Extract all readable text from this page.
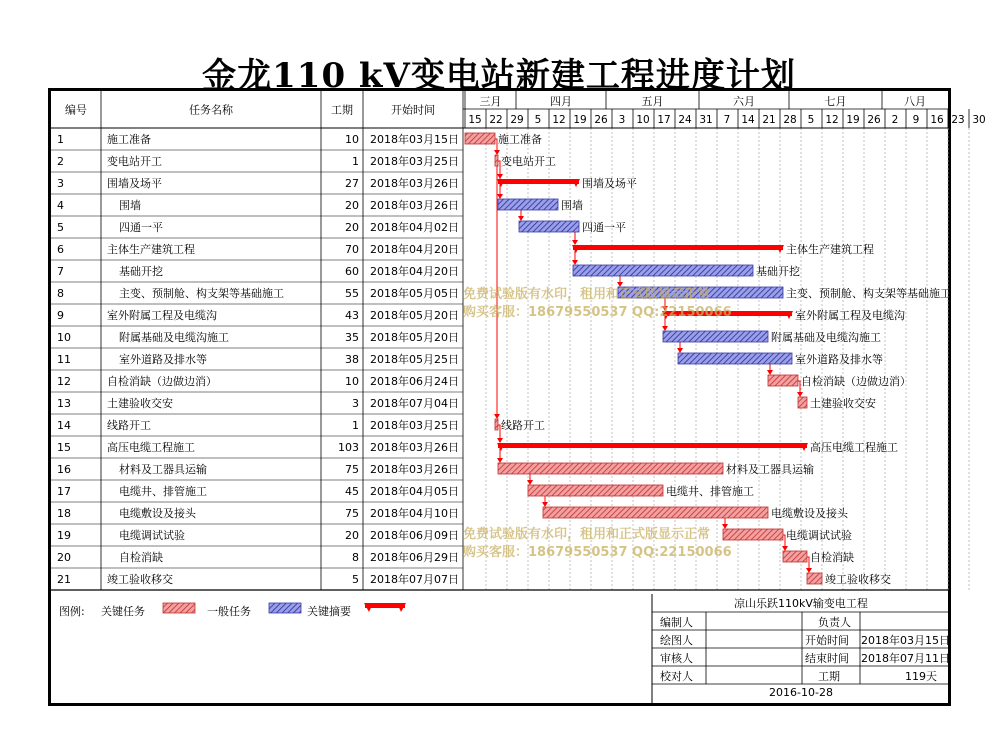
金龙110 kV变电站新建工程进度计划
编号	任务名称	工期	开始时间
三月	四月	五月	六月	七月	八月
15 22 29 5 12 19 26 3 10 17 24 31 7 14 21 28 5 12 19 26 2 9 16 23 30
1	施工准备	10 2018年03月15日
2	变电站开工	1 2018年03月25日
3	围墙及场平	27 2018年03月26日
4	围墙	20 2018年03月26日
5	四通一平	20 2018年04月02日
6	主体生产建筑工程	70 2018年04月20日
7	基础开挖	60 2018年04月20日
8	主变、预制舱、构支架等基础施工	55 2018年05月05日
9	室外附属工程及电缆沟	43 2018年05月20日
10	附属基础及电缆沟施工	35 2018年05月20日
11	室外道路及排水等	38 2018年05月25日
12	自检消缺（边做边消）	10 2018年06月24日
13	土建验收交安	3 2018年07月04日
14	线路开工	1 2018年03月25日
15	高压电缆工程施工	103 2018年03月26日
16	材料及工器具运输	75 2018年03月26日
17	电缆井、排管施工	45 2018年04月05日
18	电缆敷设及接头	75 2018年04月10日
19	电缆调试试验	20 2018年06月09日
20	自检消缺	8 2018年06月29日
21	竣工验收移交	5 2018年07月07日
施工准备
变电站开工
围墙及场平
围墙
四通一平
主体生产建筑工程
基础开挖
主变、预制舱、构支架等基础施工
室外附属工程及电缆沟
附属基础及电缆沟施工
室外道路及排水等
自检消缺（边做边消）
土建验收交安
线路开工
高压电缆工程施工
材料及工器具运输
电缆井、排管施工
电缆敷设及接头
电缆调试试验
自检消缺
竣工验收移交
免费试验版有水印，租用和正式版显示正常
购买客服：18679550537 QQ:22150066
免费试验版有水印，租用和正式版显示正常
购买客服：18679550537 QQ:22150066
图例: 关键任务	一般任务	关键摘要
凉山乐跃110kV输变电工程
编制人	负责人
绘图人	开始时间 2018年03月15日
审核人	结束时间 2018年07月11日
校对人	工期	119天
2016-10-28
